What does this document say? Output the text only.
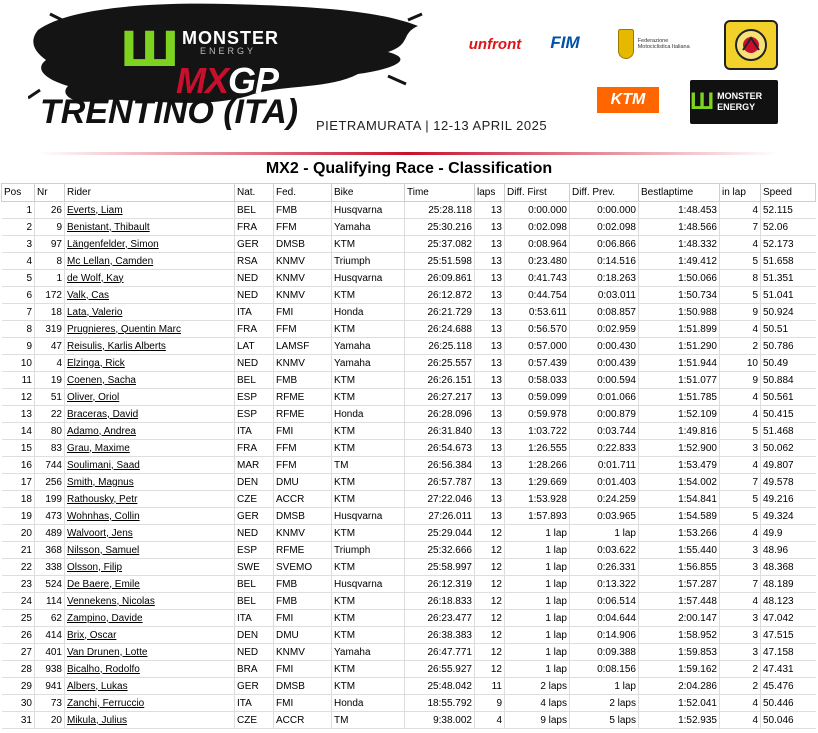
Ш MONSTER
ENERGY
MXGP
TRENTINO (ITA) PIETRAMURATA | 12-13 APRIL 2025
unfront	FIM	Federazione Motociclistica Italiana
KTM	Ш MONSTER ENERGY
MX2 - Qualifying Race - Classification
Pos	Nr	Rider	Nat.	Fed.	Bike	Time	laps	Diff. First	Diff. Prev.	Bestlaptime	in lap	Speed
1	26	Everts, Liam	BEL	FMB	Husqvarna	25:28.118	13	0:00.000	0:00.000	1:48.453	4	52.115
2	9	Benistant, Thibault	FRA	FFM	Yamaha	25:30.216	13	0:02.098	0:02.098	1:48.566	7	52.06
3	97	Längenfelder, Simon	GER	DMSB	KTM	25:37.082	13	0:08.964	0:06.866	1:48.332	4	52.173
4	8	Mc Lellan, Camden	RSA	KNMV	Triumph	25:51.598	13	0:23.480	0:14.516	1:49.412	5	51.658
5	1	de Wolf, Kay	NED	KNMV	Husqvarna	26:09.861	13	0:41.743	0:18.263	1:50.066	8	51.351
6	172	Valk, Cas	NED	KNMV	KTM	26:12.872	13	0:44.754	0:03.011	1:50.734	5	51.041
7	18	Lata, Valerio	ITA	FMI	Honda	26:21.729	13	0:53.611	0:08.857	1:50.988	9	50.924
8	319	Prugnieres, Quentin Marc	FRA	FFM	KTM	26:24.688	13	0:56.570	0:02.959	1:51.899	4	50.51
9	47	Reisulis, Karlis Alberts	LAT	LAMSF	Yamaha	26:25.118	13	0:57.000	0:00.430	1:51.290	2	50.786
10	4	Elzinga, Rick	NED	KNMV	Yamaha	26:25.557	13	0:57.439	0:00.439	1:51.944	10	50.49
11	19	Coenen, Sacha	BEL	FMB	KTM	26:26.151	13	0:58.033	0:00.594	1:51.077	9	50.884
12	51	Oliver, Oriol	ESP	RFME	KTM	26:27.217	13	0:59.099	0:01.066	1:51.785	4	50.561
13	22	Braceras, David	ESP	RFME	Honda	26:28.096	13	0:59.978	0:00.879	1:52.109	4	50.415
14	80	Adamo, Andrea	ITA	FMI	KTM	26:31.840	13	1:03.722	0:03.744	1:49.816	5	51.468
15	83	Grau, Maxime	FRA	FFM	KTM	26:54.673	13	1:26.555	0:22.833	1:52.900	3	50.062
16	744	Soulimani, Saad	MAR	FFM	TM	26:56.384	13	1:28.266	0:01.711	1:53.479	4	49.807
17	256	Smith, Magnus	DEN	DMU	KTM	26:57.787	13	1:29.669	0:01.403	1:54.002	7	49.578
18	199	Rathousky, Petr	CZE	ACCR	KTM	27:22.046	13	1:53.928	0:24.259	1:54.841	5	49.216
19	473	Wohnhas, Collin	GER	DMSB	Husqvarna	27:26.011	13	1:57.893	0:03.965	1:54.589	5	49.324
20	489	Walvoort, Jens	NED	KNMV	KTM	25:29.044	12	1 lap	1 lap	1:53.266	4	49.9
21	368	Nilsson, Samuel	ESP	RFME	Triumph	25:32.666	12	1 lap	0:03.622	1:55.440	3	48.96
22	338	Olsson, Filip	SWE	SVEMO	KTM	25:58.997	12	1 lap	0:26.331	1:56.855	3	48.368
23	524	De Baere, Emile	BEL	FMB	Husqvarna	26:12.319	12	1 lap	0:13.322	1:57.287	7	48.189
24	114	Vennekens, Nicolas	BEL	FMB	KTM	26:18.833	12	1 lap	0:06.514	1:57.448	4	48.123
25	62	Zampino, Davide	ITA	FMI	KTM	26:23.477	12	1 lap	0:04.644	2:00.147	3	47.042
26	414	Brix, Oscar	DEN	DMU	KTM	26:38.383	12	1 lap	0:14.906	1:58.952	3	47.515
27	401	Van Drunen, Lotte	NED	KNMV	Yamaha	26:47.771	12	1 lap	0:09.388	1:59.853	3	47.158
28	938	Bicalho, Rodolfo	BRA	FMI	KTM	26:55.927	12	1 lap	0:08.156	1:59.162	2	47.431
29	941	Albers, Lukas	GER	DMSB	KTM	25:48.042	11	2 laps	1 lap	2:04.286	2	45.476
30	73	Zanchi, Ferruccio	ITA	FMI	Honda	18:55.792	9	4 laps	2 laps	1:52.041	4	50.446
31	20	Mikula, Julius	CZE	ACCR	TM	9:38.002	4	9 laps	5 laps	1:52.935	4	50.046
